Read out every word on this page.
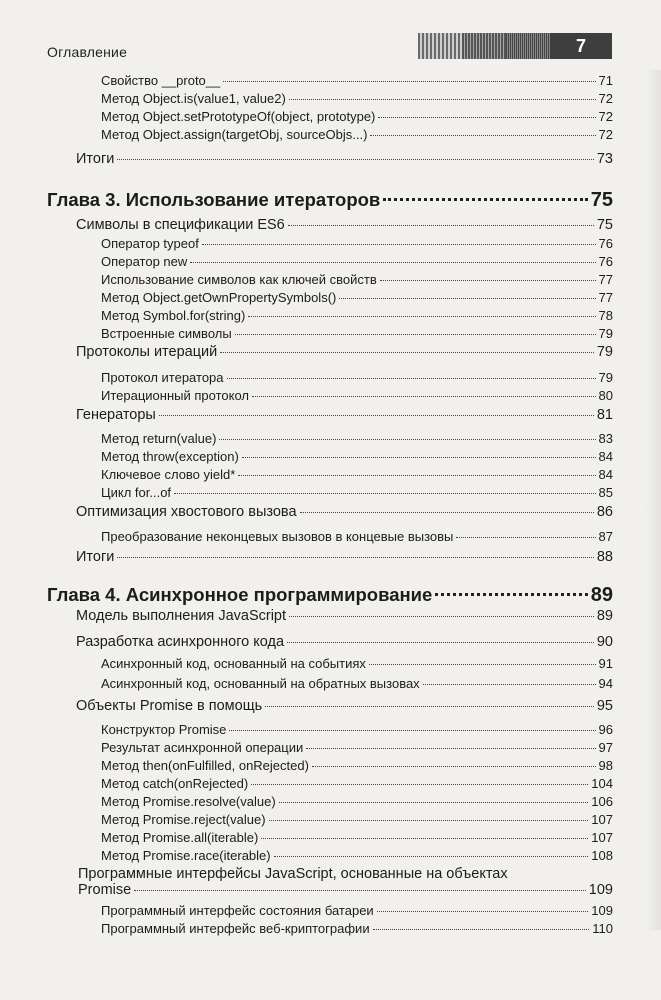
Оглавление	7
Свойство __proto__	71
Метод Object.is(value1, value2)	72
Метод Object.setPrototypeOf(object, prototype)	72
Метод Object.assign(targetObj, sourceObjs...)	72
Итоги	73
Глава 3. Использование итераторов	75
Символы в спецификации ES6	75
Оператор typeof	76
Оператор new	76
Использование символов как ключей свойств	77
Метод Object.getOwnPropertySymbols()	77
Метод Symbol.for(string)	78
Встроенные символы	79
Протоколы итераций	79
Протокол итератора	79
Итерационный протокол	80
Генераторы	81
Метод return(value)	83
Метод throw(exception)	84
Ключевое слово yield*	84
Цикл for...of	85
Оптимизация хвостового вызова	86
Преобразование неконцевых вызовов в концевые вызовы	87
Итоги	88
Глава 4. Асинхронное программирование	89
Модель выполнения JavaScript	89
Разработка асинхронного кода	90
Асинхронный код, основанный на событиях	91
Асинхронный код, основанный на обратных вызовах	94
Объекты Promise в помощь	95
Конструктор Promise	96
Результат асинхронной операции	97
Метод then(onFulfilled, onRejected)	98
Метод catch(onRejected)	104
Метод Promise.resolve(value)	106
Метод Promise.reject(value)	107
Метод Promise.all(iterable)	107
Метод Promise.race(iterable)	108
Программные интерфейсы JavaScript, основанные на объектах
Promise	109
Программный интерфейс состояния батареи	109
Программный интерфейс веб-криптографии	110
